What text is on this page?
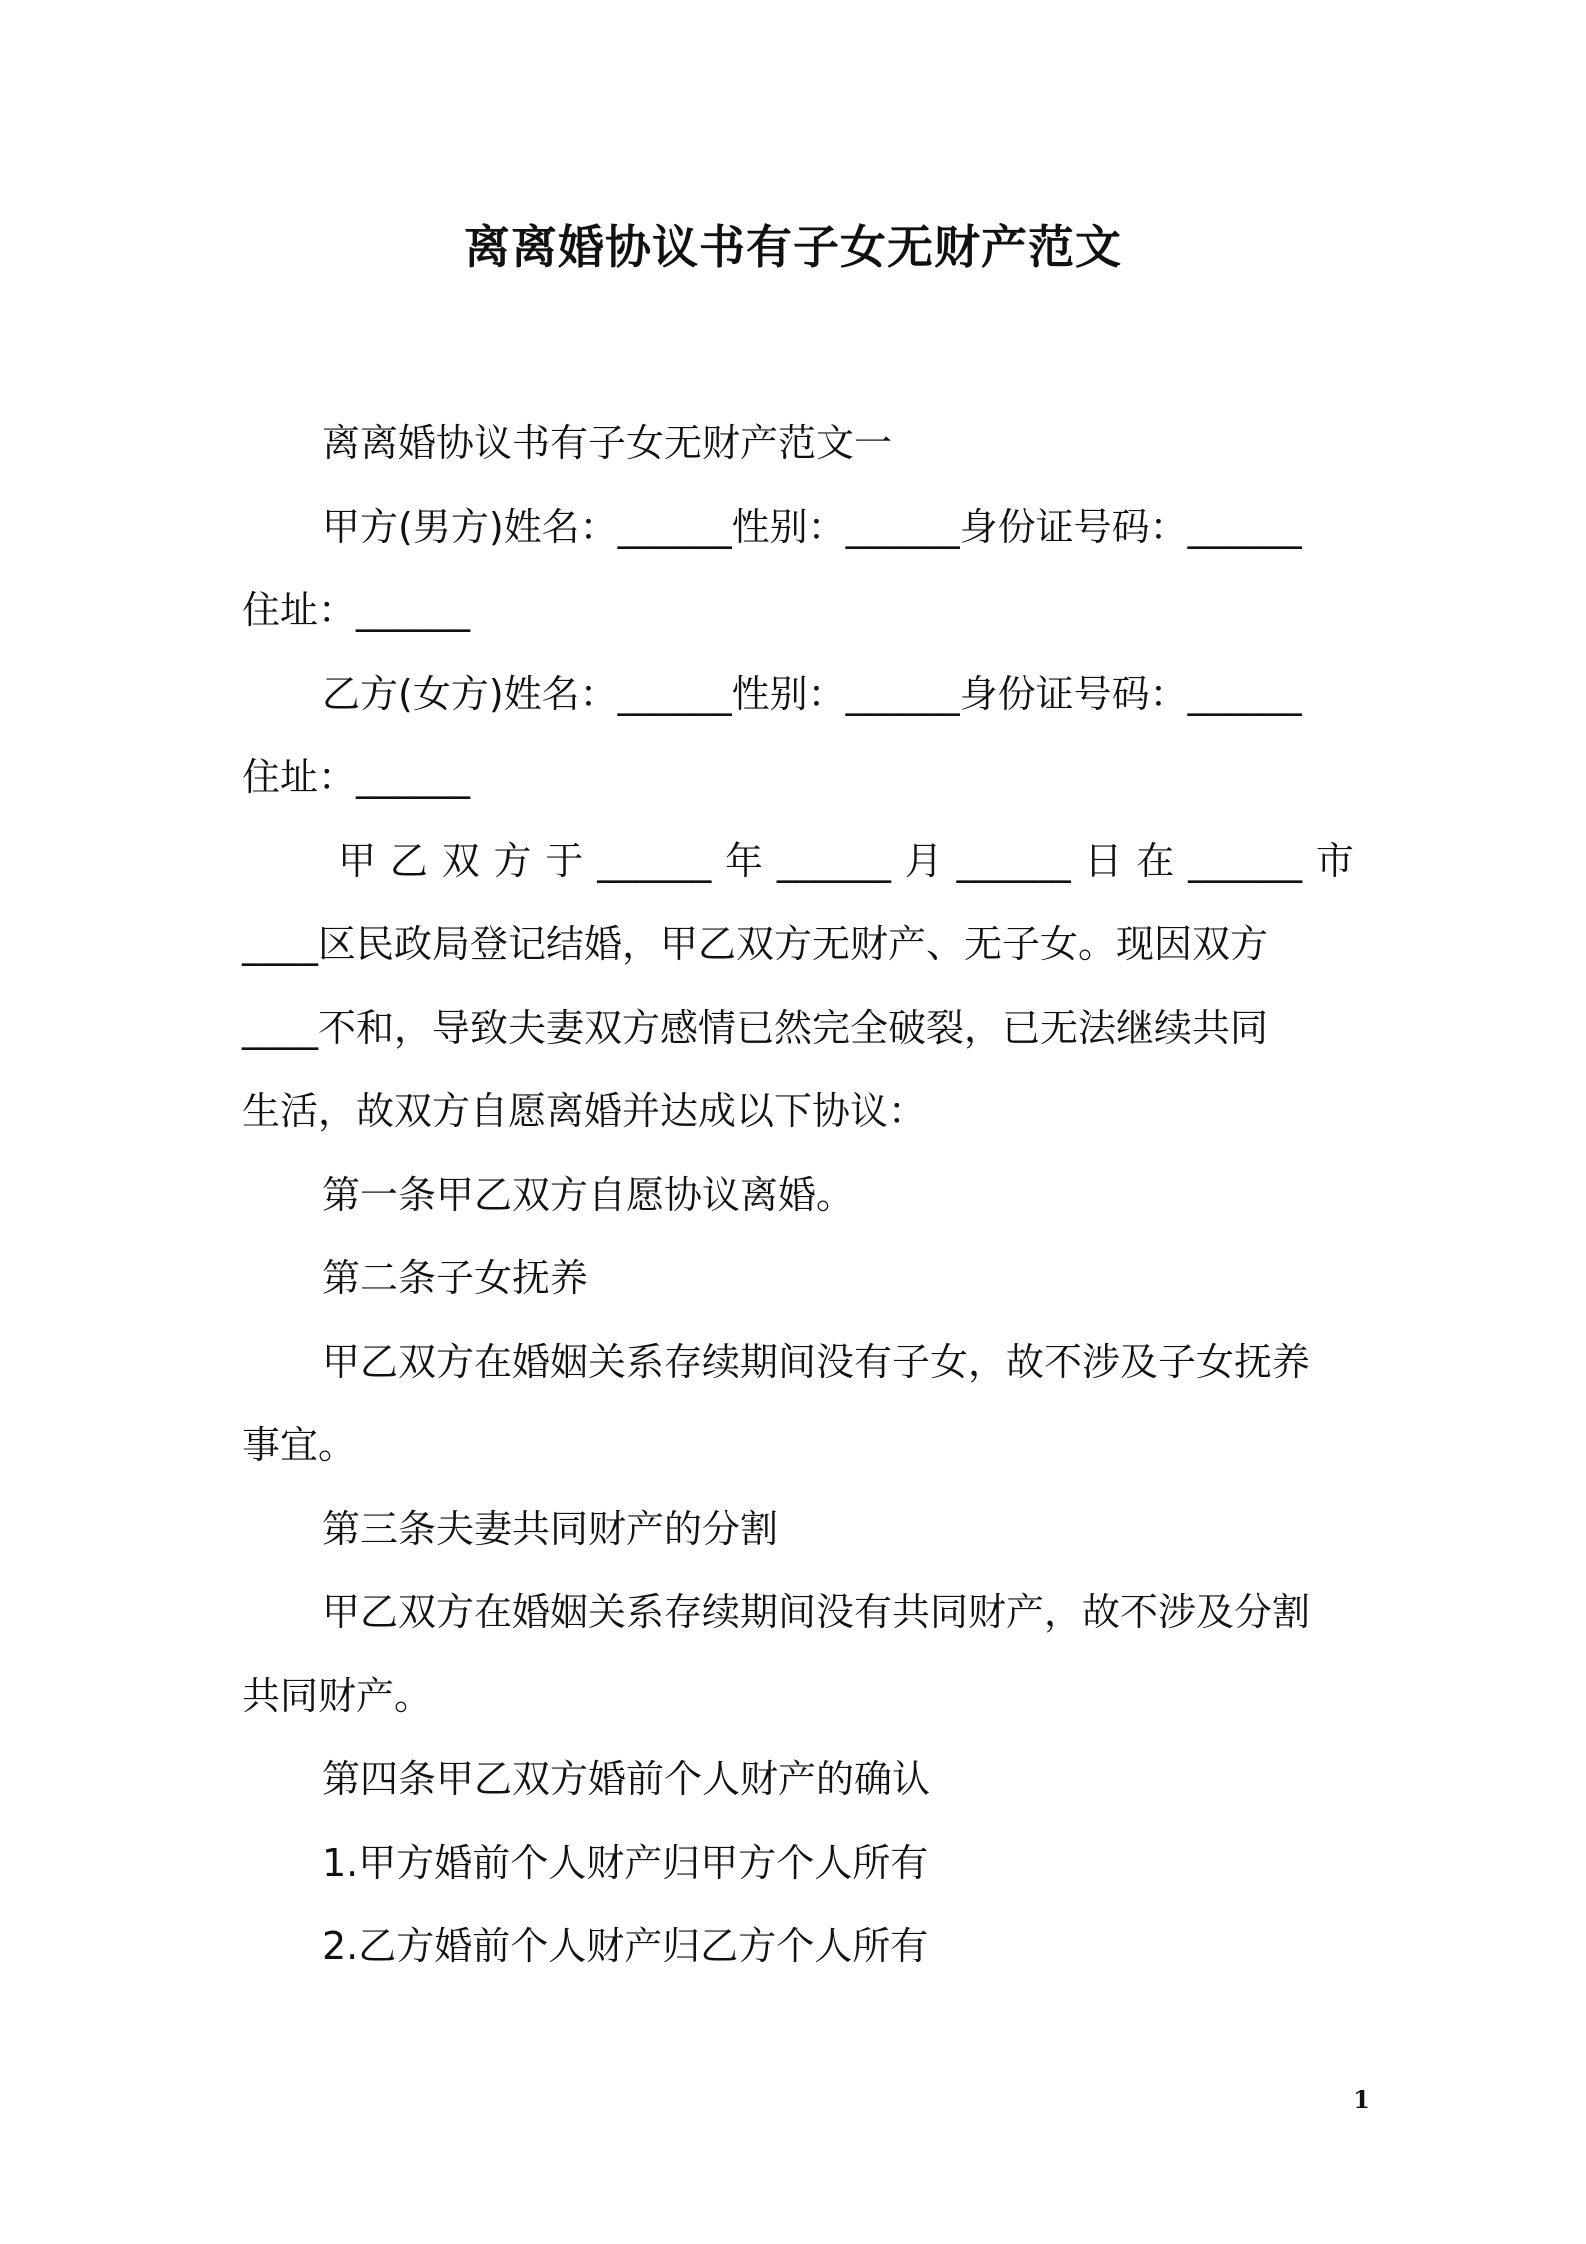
离离婚协议书有子女无财产范文

离离婚协议书有子女无财产范文一

甲方(男方)姓名：______性别：______身份证号码：______

住址：______

乙方(女方)姓名：______性别：______身份证号码：______

住址：______

甲 乙 双 方 于 ______ 年 ______ 月 ______ 日 在 ______ 市

____区民政局登记结婚，甲乙双方无财产、无子女。现因双方

____不和，导致夫妻双方感情已然完全破裂，已无法继续共同

生活，故双方自愿离婚并达成以下协议：

第一条甲乙双方自愿协议离婚。

第二条子女抚养

甲乙双方在婚姻关系存续期间没有子女，故不涉及子女抚养

事宜。

第三条夫妻共同财产的分割

甲乙双方在婚姻关系存续期间没有共同财产，故不涉及分割

共同财产。

第四条甲乙双方婚前个人财产的确认

1.甲方婚前个人财产归甲方个人所有

2.乙方婚前个人财产归乙方个人所有

1
